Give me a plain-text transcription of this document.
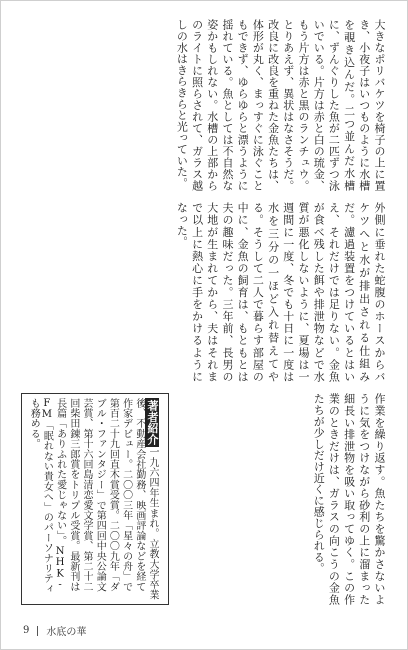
大きなポリバケツを椅子の上に置き、小夜子はいつものように水槽を覗き込んだ。二つ並んだ水槽に、ずんぐりした魚が二匹ずつ泳いでいる。片方は赤と白の琉金、もう片方は赤と黒のランチュウ。とりあえず、異状はなさそうだ。改良に改良を重ねた金魚たちは、体形が丸く、まっすぐに泳ぐこともできず、ゆらゆらと漂うように揺れている。魚としては不自然な姿かもしれない。水槽の上部からのライトに照らされて、ガラス越しの水はきらきらと光っていた。
外側に垂れた蛇腹のホースからバケツへと水が排出される仕組みだ。濾過装置をつけているとはいえ、それだけでは足りない。金魚が食べ残した餌や排泄物などで水質が悪化しないように、夏場は一週間に一度、冬でも十日に一度は水を三分の一ほど入れ替えてやる。そうして二人で暮らす部屋の中に、金魚の飼育は、もともとは夫の趣味だった。三年前、長男の大地が生まれてから、夫はそれまで以上に熱心に手をかけるようになった。
作業を繰り返す。魚たちを驚かさないように気をつけながら砂利の上に溜まった細長い排泄物を吸い取ってゆく。この作業のときだけは、ガラスの向こうの金魚たちが少しだけ近くに感じられる。
著者紹介一九六四年生まれ。立教大学卒業後、不動産会社勤務、映画評論などを経て作家デビュー。二〇〇三年「星々の舟」で第百二十九回直木賞受賞。二〇〇九年「ダブル・ファンタジー」で第四回中央公論文芸賞、第十六回島清恋愛文学賞、第二十二回柴田錬三郎賞をトリプル受賞。最新刊は長篇「ありふれた愛じゃない」。NHK-FM「眠れない貴女へ」のパーソナリティも務める。
9 水底の華
